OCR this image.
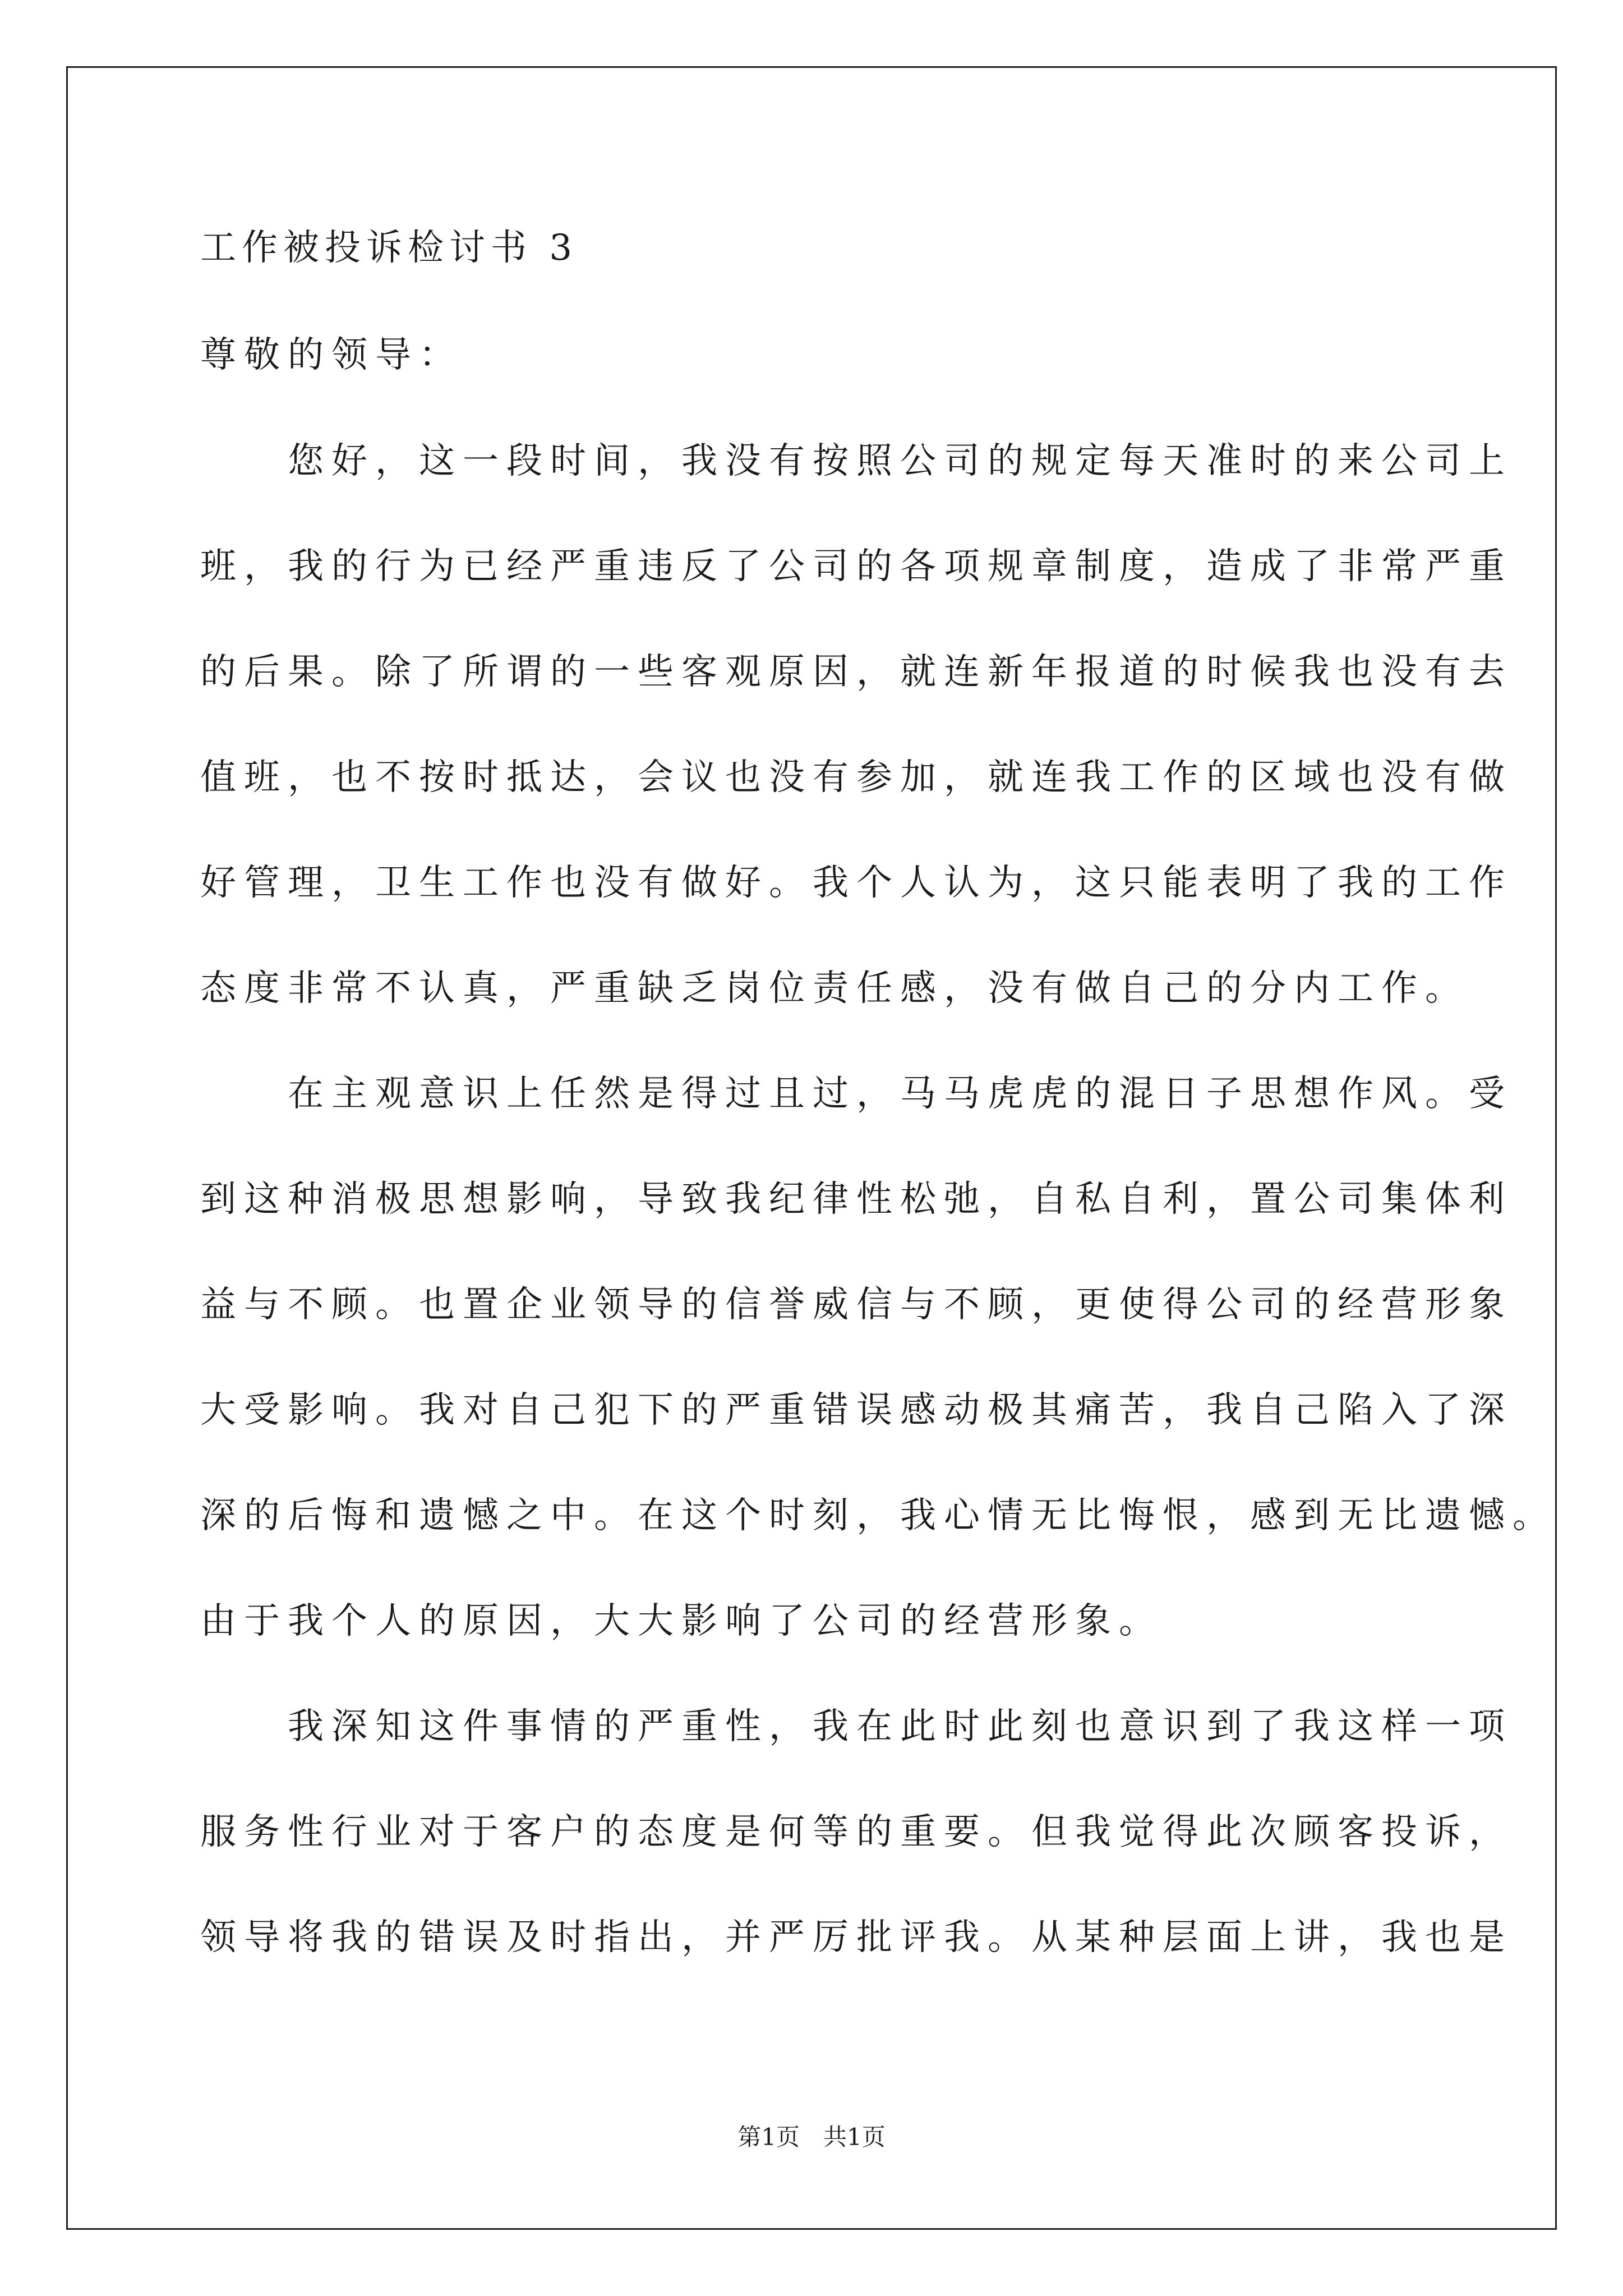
工作被投诉检讨书 3
尊敬的领导：
　　您好，这一段时间，我没有按照公司的规定每天准时的来公司上
班，我的行为已经严重违反了公司的各项规章制度，造成了非常严重
的后果。除了所谓的一些客观原因，就连新年报道的时候我也没有去
值班，也不按时抵达，会议也没有参加，就连我工作的区域也没有做
好管理，卫生工作也没有做好。我个人认为，这只能表明了我的工作
态度非常不认真，严重缺乏岗位责任感，没有做自己的分内工作。
　　在主观意识上任然是得过且过，马马虎虎的混日子思想作风。受
到这种消极思想影响，导致我纪律性松弛，自私自利，置公司集体利
益与不顾。也置企业领导的信誉威信与不顾，更使得公司的经营形象
大受影响。我对自己犯下的严重错误感动极其痛苦，我自己陷入了深
深的后悔和遗憾之中。在这个时刻，我心情无比悔恨，感到无比遗憾。
由于我个人的原因，大大影响了公司的经营形象。
　　我深知这件事情的严重性，我在此时此刻也意识到了我这样一项
服务性行业对于客户的态度是何等的重要。但我觉得此次顾客投诉，
领导将我的错误及时指出，并严厉批评我。从某种层面上讲，我也是
第1页　共1页
